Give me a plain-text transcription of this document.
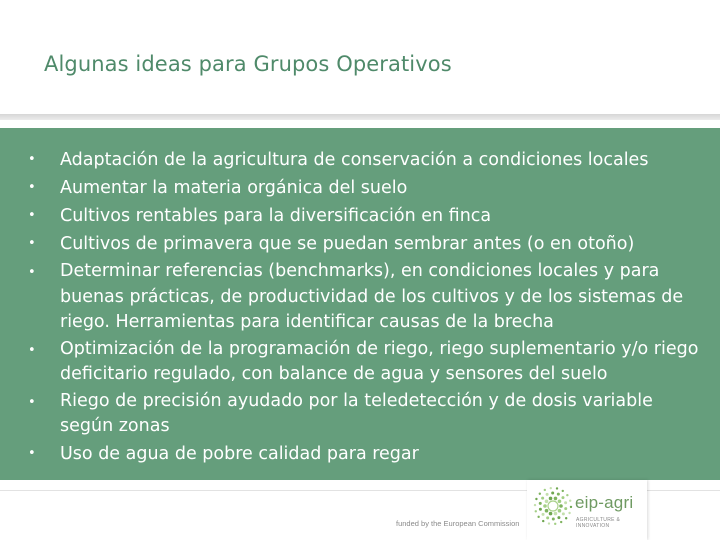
Algunas ideas para Grupos Operativos
• Adaptación de la agricultura de conservación a condiciones locales
• Aumentar la materia orgánica del suelo
• Cultivos rentables para la diversificación en finca
• Cultivos de primavera que se puedan sembrar antes (o en otoño)
• Determinar referencias (benchmarks), en condiciones locales y para buenas prácticas, de productividad de los cultivos y de los sistemas de riego. Herramientas para identificar causas de la brecha
• Optimización de la programación de riego, riego suplementario y/o riego deficitario regulado, con balance de agua y sensores del suelo
• Riego de precisión ayudado por la teledetección y de dosis variable según zonas
• Uso de agua de pobre calidad para regar
funded by the European Commission
eip-agri
AGRICULTURE & INNOVATION
